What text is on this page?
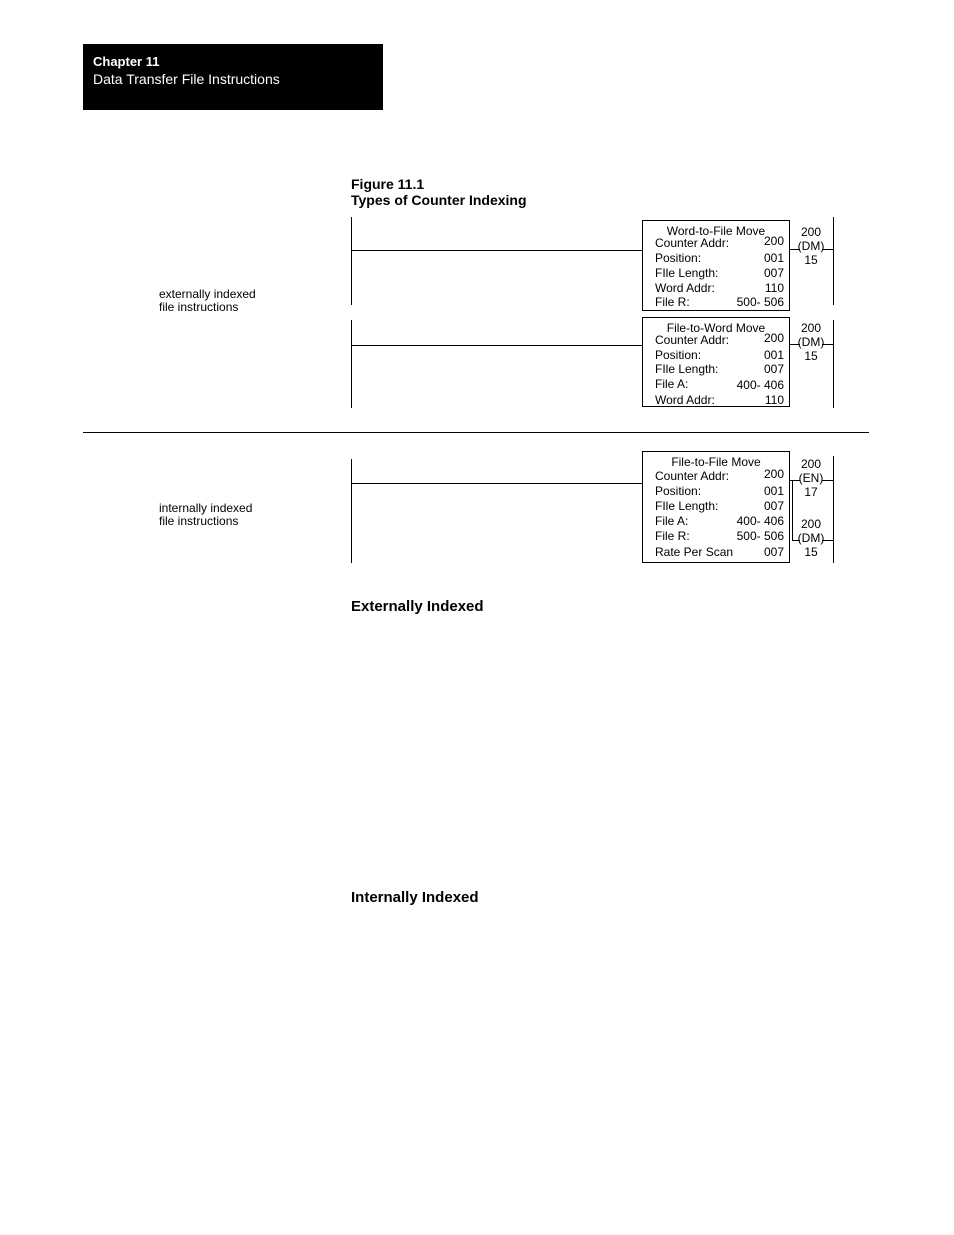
Chapter 11
Data Transfer File Instructions
Figure 11.1
Types of Counter Indexing
externally indexed
file instructions
internally indexed
file instructions
Word-to-File Move
Counter Addr:	200
Position:	001
FIle Length:	007
Word Addr:	110
File R:	500- 506
200
(DM)
15
File-to-Word Move
Counter Addr:	200
Position:	001
FIle Length:	007
File A:	400- 406
Word Addr:	110
200
(DM)
15
File-to-File Move
Counter Addr:	200
Position:	001
FIle Length:	007
File A:	400- 406
File R:	500- 506
Rate Per Scan	007
200
(EN)
17
200
(DM)
15
Externally Indexed
Internally Indexed
